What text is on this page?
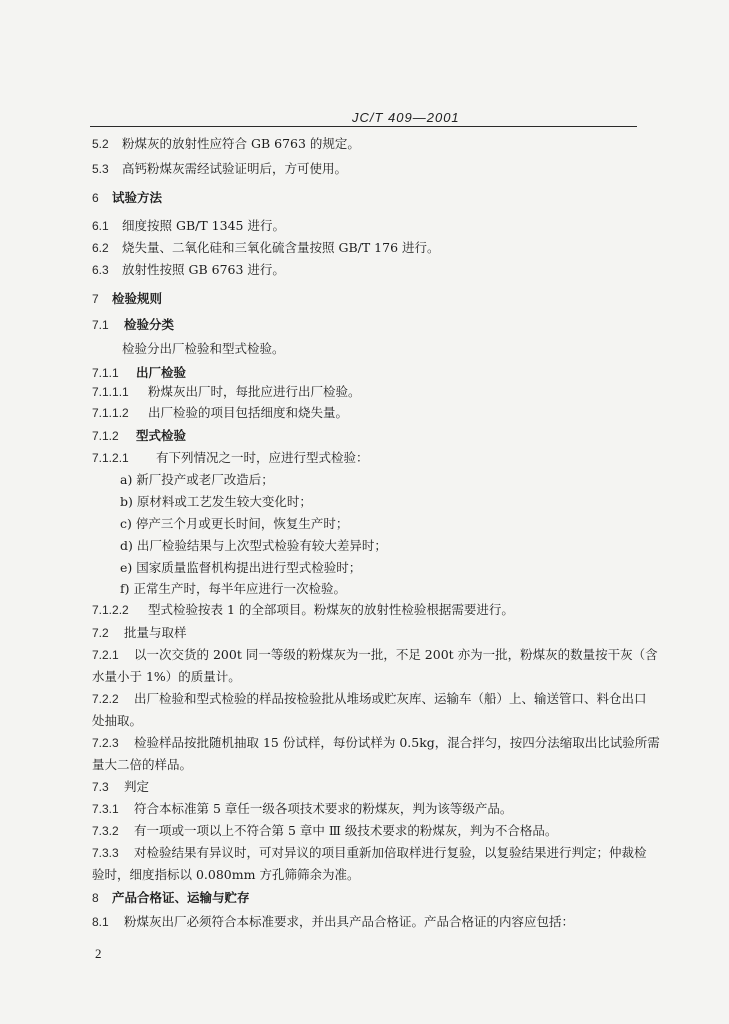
JC/T 409—2001
5.2 粉煤灰的放射性应符合 GB 6763 的规定。
5.3 高钙粉煤灰需经试验证明后，方可使用。
6 试验方法
6.1 细度按照 GB/T 1345 进行。
6.2 烧失量、二氧化硅和三氧化硫含量按照 GB/T 176 进行。
6.3 放射性按照 GB 6763 进行。
7 检验规则
7.1 检验分类
检验分出厂检验和型式检验。
7.1.1 出厂检验
7.1.1.1 粉煤灰出厂时，每批应进行出厂检验。
7.1.1.2 出厂检验的项目包括细度和烧失量。
7.1.2 型式检验
7.1.2.1 有下列情况之一时，应进行型式检验：
a) 新厂投产或老厂改造后；
b) 原材料或工艺发生较大变化时；
c) 停产三个月或更长时间，恢复生产时；
d) 出厂检验结果与上次型式检验有较大差异时；
e) 国家质量监督机构提出进行型式检验时；
f) 正常生产时，每半年应进行一次检验。
7.1.2.2 型式检验按表 1 的全部项目。粉煤灰的放射性检验根据需要进行。
7.2 批量与取样
7.2.1 以一次交货的 200t 同一等级的粉煤灰为一批，不足 200t 亦为一批，粉煤灰的数量按干灰（含
水量小于 1%）的质量计。
7.2.2 出厂检验和型式检验的样品按检验批从堆场或贮灰库、运输车（船）上、输送管口、料仓出口
处抽取。
7.2.3 检验样品按批随机抽取 15 份试样，每份试样为 0.5kg，混合拌匀，按四分法缩取出比试验所需
量大二倍的样品。
7.3 判定
7.3.1 符合本标准第 5 章任一级各项技术要求的粉煤灰，判为该等级产品。
7.3.2 有一项或一项以上不符合第 5 章中 Ⅲ 级技术要求的粉煤灰，判为不合格品。
7.3.3 对检验结果有异议时，可对异议的项目重新加倍取样进行复验，以复验结果进行判定；仲裁检
验时，细度指标以 0.080mm 方孔筛筛余为准。
8 产品合格证、运输与贮存
8.1 粉煤灰出厂必须符合本标准要求，并出具产品合格证。产品合格证的内容应包括：
2
